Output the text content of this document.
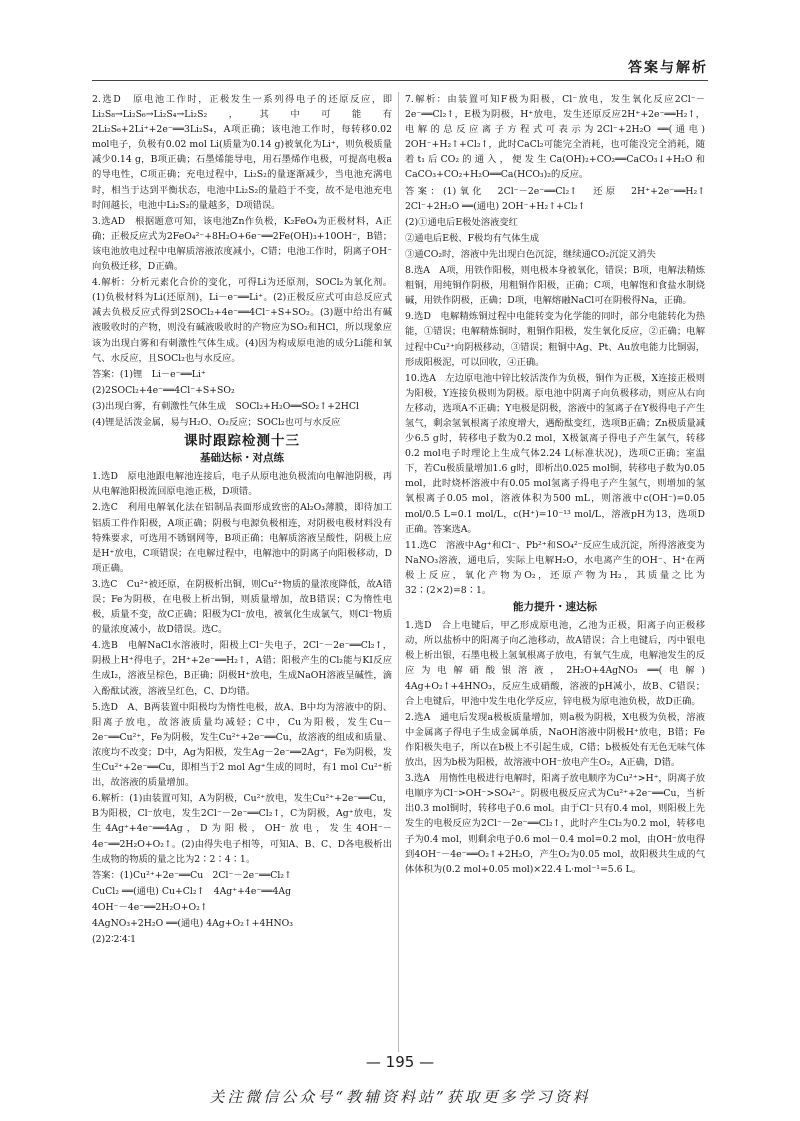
答案与解析

2.选D　原电池工作时，正极发生一系列得电子的还原反应，即Li₂S₈→Li₂S₆→Li₂S₄→Li₂S₂，其中可能有2Li₂S₆+2Li⁺+2e⁻══3Li₂S₄，A项正确；该电池工作时，每转移0.02 mol电子，负极有0.02 mol Li(质量为0.14 g)被氧化为Li⁺，则负极质量减少0.14 g，B项正确；石墨烯能导电，用石墨烯作电极，可提高电极a的导电性，C项正确；充电过程中，Li₂S₂的量逐渐减少，当电池充满电时，相当于达到平衡状态，电池中Li₂S₂的量趋于不变，故不是电池充电时间越长，电池中Li₂S₂的量越多，D项错误。

3.选AD　根据题意可知，该电池Zn作负极，K₂FeO₄为正极材料，A正确；正极反应式为2FeO₄²⁻+8H₂O+6e⁻══2Fe(OH)₃+10OH⁻，B错；该电池放电过程中电解质溶液浓度减小，C错；电池工作时，阴离子OH⁻向负极迁移，D正确。

4.解析：分析元素化合价的变化，可得Li为还原剂，SOCl₂为氧化剂。(1)负极材料为Li(还原剂)，Li－e⁻══Li⁺。(2)正极反应式可由总反应式减去负极反应式得到2SOCl₂+4e⁻══4Cl⁻+S+SO₂。(3)题中给出有碱液吸收时的产物，则没有碱液吸收时的产物应为SO₂和HCl，所以现象应该为出现白雾和有刺激性气体生成。(4)因为构成原电池的成分Li能和氧气、水反应，且SOCl₂也与水反应。

答案：(1)锂　Li－e⁻══Li⁺

(2)2SOCl₂+4e⁻══4Cl⁻+S+SO₂

(3)出现白雾，有刺激性气体生成　SOCl₂+H₂O══SO₂↑+2HCl

(4)锂是活泼金属，易与H₂O、O₂反应；SOCl₂也可与水反应

课时跟踪检测十三
基础达标・对点练

1.选D　原电池跟电解池连接后，电子从原电池负极流向电解池阴极，再从电解池阳极流回原电池正极，D项错。

2.选C　利用电解氧化法在铝制品表面形成致密的Al₂O₃薄膜，即待加工铝质工件作阳极，A项正确；阴极与电源负极相连，对阴极电极材料没有特殊要求，可选用不锈钢网等，B项正确；电解质溶液呈酸性，阴极上应是H⁺放电，C项错误；在电解过程中，电解池中的阴离子向阳极移动，D项正确。

3.选C　Cu²⁺被还原，在阴极析出铜，则Cu²⁺物质的量浓度降低，故A错误；Fe为阴极，在电极上析出铜，则质量增加，故B错误；C为惰性电极，质量不变，故C正确；阳极为Cl⁻放电，被氧化生成氯气，则Cl⁻物质的量浓度减小，故D错误。选C。

4.选B　电解NaCl水溶液时，阳极上Cl⁻失电子，2Cl⁻－2e⁻══Cl₂↑，阴极上H⁺得电子，2H⁺+2e⁻══H₂↑，A错；阳极产生的Cl₂能与KI反应生成I₂，溶液呈棕色，B正确；阴极H⁺放电，生成NaOH溶液呈碱性，滴入酚酞试液，溶液呈红色，C、D均错。

5.选D　A、B两装置中阳极均为惰性电极，故A、B中均为溶液中的阴、阳离子放电，故溶液质量均减轻；C中，Cu为阳极，发生Cu－2e⁻══Cu²⁺，Fe为阴极，发生Cu²⁺+2e⁻══Cu，故溶液的组成和质量、浓度均不改变；D中，Ag为阳极，发生Ag－2e⁻══2Ag⁺，Fe为阴极，发生Cu²⁺+2e⁻══Cu，即相当于2 mol Ag⁺生成的同时，有1 mol Cu²⁺析出，故溶液的质量增加。

6.解析：(1)由装置可知，A为阴极，Cu²⁺放电，发生Cu²⁺+2e⁻══Cu，B为阳极，Cl⁻放电，发生2Cl⁻－2e⁻══Cl₂↑，C为阴极，Ag⁺放电，发生4Ag⁺+4e⁻══4Ag，D为阳极，OH⁻放电，发生4OH⁻－4e⁻══2H₂O+O₂↑。(2)由得失电子相等，可知A、B、C、D各电极析出生成物的物质的量之比为2∶2∶4∶1。

答案：(1)Cu²⁺+2e⁻══Cu　2Cl⁻－2e⁻══Cl₂↑

CuCl₂ ══(通电) Cu+Cl₂↑　4Ag⁺+4e⁻══4Ag

4OH⁻－4e⁻══2H₂O+O₂↑

4AgNO₃+2H₂O ══(通电) 4Ag+O₂↑+4HNO₃

(2)2∶2∶4∶1

7.解析：由装置可知F极为阳极，Cl⁻放电，发生氧化反应2Cl⁻－2e⁻══Cl₂↑，E极为阴极，H⁺放电，发生还原反应2H⁺+2e⁻══H₂↑，电解的总反应离子方程式可表示为2Cl⁻+2H₂O ══(通电) 2OH⁻+H₂↑+Cl₂↑，此时CaCl₂可能完全消耗，也可能没完全消耗，随着t₁后CO₂的通入，便发生Ca(OH)₂+CO₂══CaCO₃↓+H₂O和CaCO₃+CO₂+H₂O══Ca(HCO₃)₂的反应。

答案：(1)氧化　2Cl⁻－2e⁻══Cl₂↑　还原　2H⁺+2e⁻══H₂↑　2Cl⁻+2H₂O ══(通电) 2OH⁻+H₂↑+Cl₂↑

(2)①通电后E极处溶液变红

②通电后E极、F极均有气体生成

③通CO₂时，溶液中先出现白色沉淀，继续通CO₂沉淀又消失

8.选A　A项，用铁作阳极，则电极本身被氧化，错误；B项，电解法精炼粗铜，用纯铜作阴极，用粗铜作阳极，正确；C项，电解饱和食盐水制烧碱，用铁作阴极，正确；D项，电解熔融NaCl可在阴极得Na，正确。

9.选D　电解精炼铜过程中电能转变为化学能的同时，部分电能转化为热能，①错误；电解精炼铜时，粗铜作阳极，发生氧化反应，②正确；电解过程中Cu²⁺向阴极移动，③错误；粗铜中Ag、Pt、Au放电能力比铜弱，形成阳极泥，可以回收，④正确。

10.选A　左边原电池中锌比较活泼作为负极，铜作为正极，X连接正极则为阳极，Y连接负极则为阴极。原电池中阴离子向负极移动，则应从右向左移动，选项A不正确；Y电极是阴极，溶液中的氢离子在Y极得电子产生氢气，剩余氢氧根离子浓度增大，遇酚酞变红，选项B正确；Zn极质量减少6.5 g时，转移电子数为0.2 mol，X极氯离子得电子产生氯气，转移0.2 mol电子时理论上生成气体2.24 L(标准状况)，选项C正确；室温下，若Cu极质量增加1.6 g时，即析出0.025 mol铜，转移电子数为0.05 mol，此时烧杯溶液中有0.05 mol氢离子得电子产生氢气，则增加的氢氧根离子0.05 mol，溶液体积为500 mL，则溶液中c(OH⁻)=0.05 mol/0.5 L=0.1 mol/L，c(H⁺)=10⁻¹³ mol/L，溶液pH为13，选项D正确。答案选A。

11.选C　溶液中Ag⁺和Cl⁻、Pb²⁺和SO₄²⁻反应生成沉淀，所得溶液变为NaNO₃溶液，通电后，实际上电解H₂O，水电离产生的OH⁻、H⁺在两极上反应，氧化产物为O₂，还原产物为H₂，其质量之比为32∶(2×2)=8∶1。

能力提升・速达标

1.选D　合上电键后，甲乙形成原电池，乙池为正极，阳离子向正极移动，所以盐桥中的阳离子向乙池移动，故A错误；合上电键后，丙中银电极上析出银，石墨电极上氢氧根离子放电，有氧气生成，电解池发生的反应为电解硝酸银溶液，2H₂O+4AgNO₃ ══(电解) 4Ag+O₂↑+4HNO₃，反应生成硝酸，溶液的pH减小，故B、C错误；合上电键后，甲池中发生电化学反应，锌电极为原电池负极，故D正确。

2.选A　通电后发现a极板质量增加，则a极为阴极，X电极为负极，溶液中金属离子得电子生成金属单质，NaOH溶液中阴极H⁺放电，B错；Fe作阳极失电子，所以在b极上不引起生成，C错；b极板处有无色无味气体放出，因为b极为阳极，故溶液中OH⁻放电产生O₂，A正确，D错。

3.选A　用惰性电极进行电解时，阳离子放电顺序为Cu²⁺>H⁺，阴离子放电顺序为Cl⁻>OH⁻>SO₄²⁻。阴极电极反应式为Cu²⁺+2e⁻══Cu，当析出0.3 mol铜时，转移电子0.6 mol。由于Cl⁻只有0.4 mol，则阳极上先发生的电极反应为2Cl⁻－2e⁻══Cl₂↑，此时产生Cl₂为0.2 mol，转移电子为0.4 mol，则剩余电子0.6 mol－0.4 mol=0.2 mol，由OH⁻放电得到4OH⁻－4e⁻══O₂↑+2H₂O，产生O₂为0.05 mol，故阳极共生成的气体体积为(0.2 mol+0.05 mol)×22.4 L·mol⁻¹=5.6 L。

— 195 —
关注微信公众号“教辅资料站”获取更多学习资料
